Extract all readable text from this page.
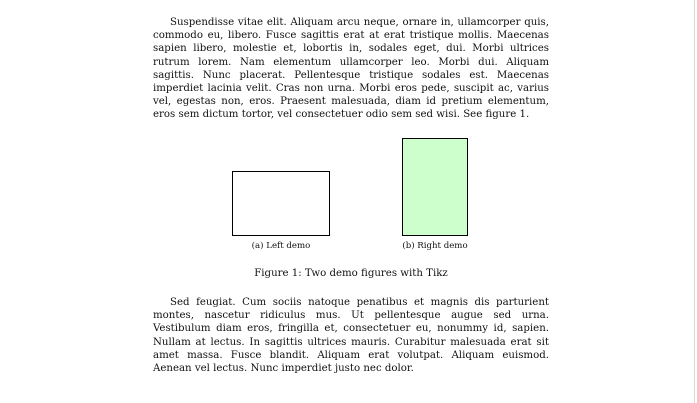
Suspendisse vitae elit. Aliquam arcu neque, ornare in, ullamcorper quis, commodo eu, libero. Fusce sagittis erat at erat tristique mollis. Maecenas sapien libero, molestie et, lobortis in, sodales eget, dui. Morbi ultrices rutrum lorem. Nam elementum ullamcorper leo. Morbi dui. Aliquam sagittis. Nunc placerat. Pellentesque tristique sodales est. Maecenas imperdiet lacinia velit. Cras non urna. Morbi eros pede, suscipit ac, varius vel, egestas non, eros. Praesent malesuada, diam id pretium elementum, eros sem dictum tortor, vel consectetuer odio sem sed wisi. See figure 1.

(a) Left demo	(b) Right demo
Figure 1: Two demo figures with Tikz

Sed feugiat. Cum sociis natoque penatibus et magnis dis parturient montes, nascetur ridiculus mus. Ut pellentesque augue sed urna. Vestibulum diam eros, fringilla et, consectetuer eu, nonummy id, sapien. Nullam at lectus. In sagittis ultrices mauris. Curabitur malesuada erat sit amet massa. Fusce blandit. Aliquam erat volutpat. Aliquam euismod. Aenean vel lectus. Nunc imperdiet justo nec dolor.
